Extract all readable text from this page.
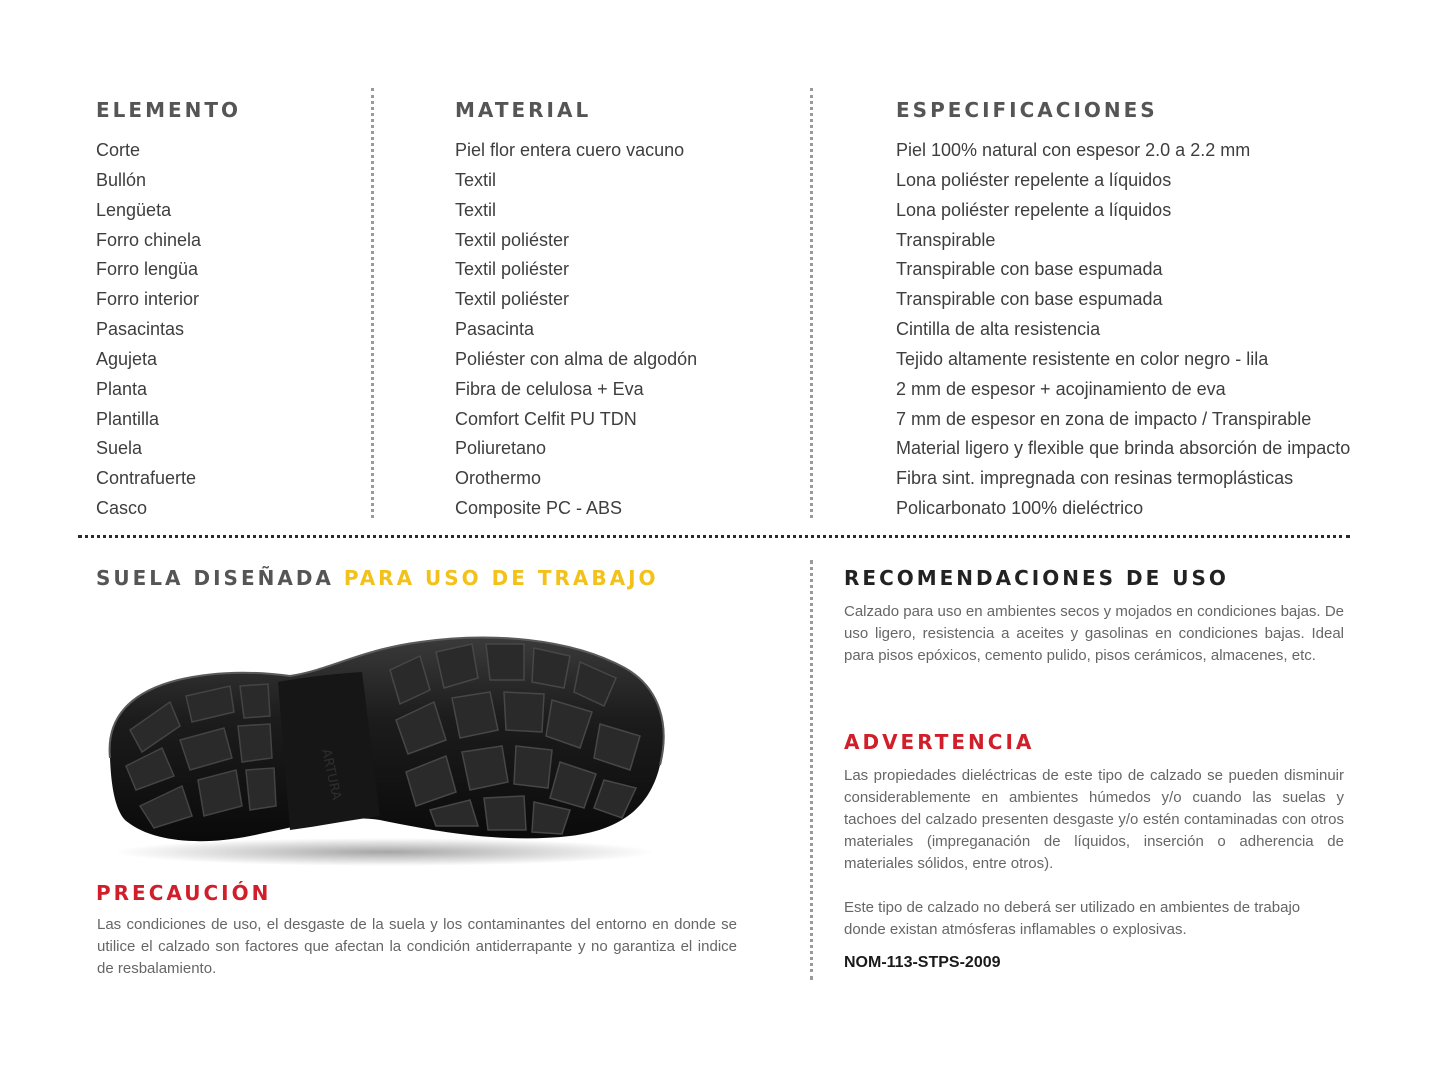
ELEMENTO	MATERIAL	ESPECIFICACIONES
Corte
Bullón
Lengüeta
Forro chinela
Forro lengüa
Forro interior
Pasacintas
Agujeta
Planta
Plantilla
Suela
Contrafuerte
Casco
Piel flor entera cuero vacuno
Textil
Textil
Textil poliéster
Textil poliéster
Textil poliéster
Pasacinta
Poliéster con alma de algodón
Fibra de celulosa + Eva
Comfort Celfit PU TDN
Poliuretano
Orothermo
Composite PC - ABS
Piel 100% natural con espesor 2.0 a 2.2 mm
Lona poliéster repelente a líquidos
Lona poliéster repelente a líquidos
Transpirable
Transpirable con base espumada
Transpirable con base espumada
Cintilla de alta resistencia
Tejido altamente resistente en color negro - lila
2 mm de espesor + acojinamiento de eva
7 mm de espesor en zona de impacto / Transpirable
Material ligero y flexible que brinda absorción de impacto
Fibra sint. impregnada con resinas termoplásticas
Policarbonato 100% dieléctrico
SUELA DISEÑADA PARA USO DE TRABAJO
ARTURA
PRECAUCIÓN

Las condiciones de uso, el desgaste de la suela y los contaminantes del entorno en donde se utilice el calzado son factores que afectan la condición antiderrapante y no garantiza el indice de resbalamiento.

RECOMENDACIONES DE USO

Calzado para uso en ambientes secos y mojados en condiciones bajas. De uso ligero, resistencia a aceites y gasolinas en condiciones bajas. Ideal para pisos epóxicos, cemento pulido, pisos cerámicos, almacenes, etc.

ADVERTENCIA

Las propiedades dieléctricas de este tipo de calzado se pueden disminuir considerablemente en ambientes húmedos y/o cuando las suelas y tachoes del calzado presenten desgaste y/o estén contaminadas con otros materiales (impreganación de líquidos, inserción o adherencia de materiales sólidos, entre otros).

Este tipo de calzado no deberá ser utilizado en ambientes de trabajo donde existan atmósferas inflamables o explosivas.

NOM-113-STPS-2009
